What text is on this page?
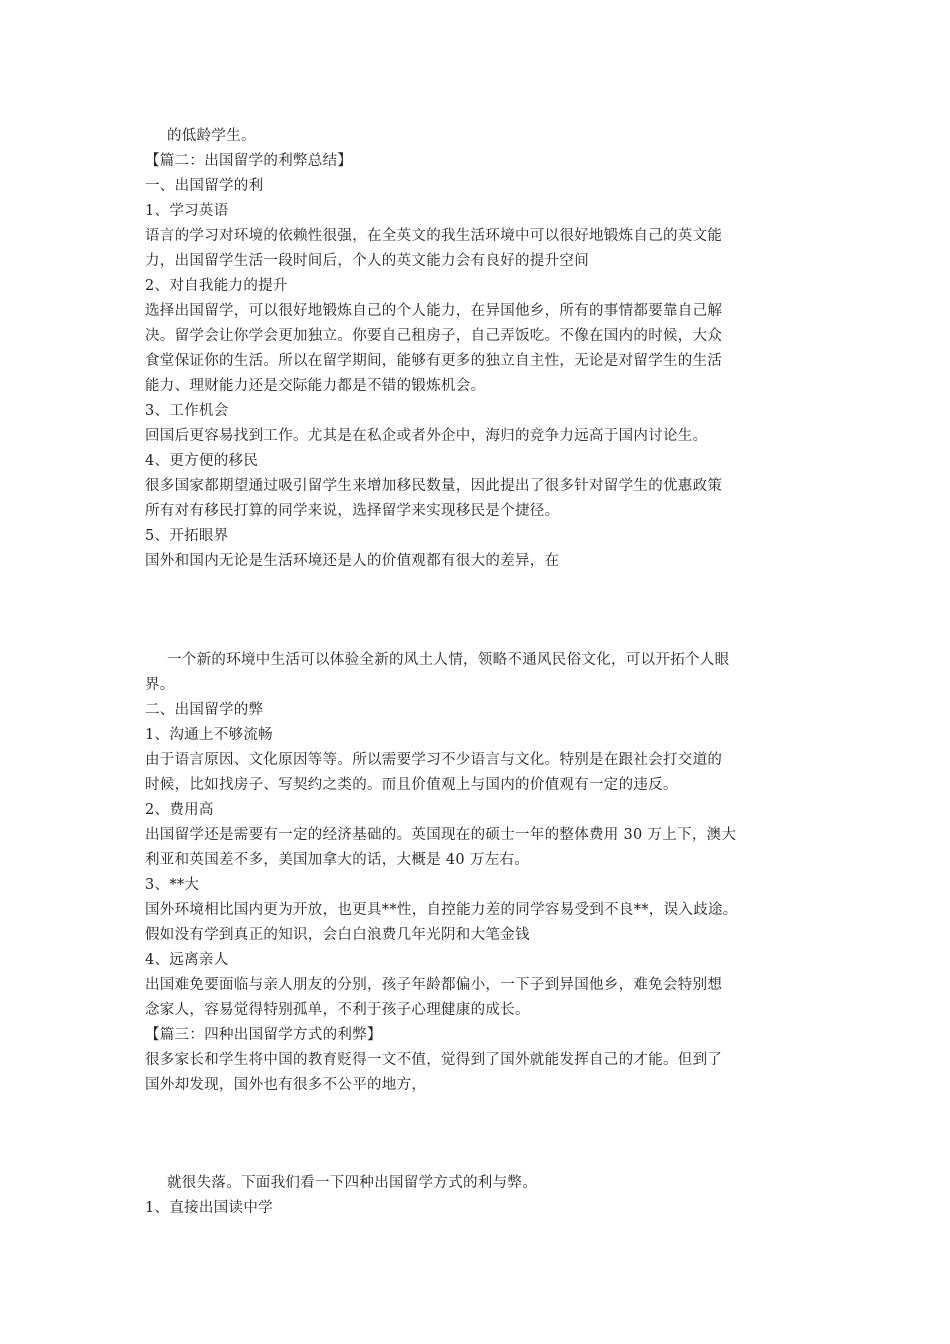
的低龄学生。
【篇二：出国留学的利弊总结】
一、出国留学的利
1、学习英语
语言的学习对环境的依赖性很强，在全英文的我生活环境中可以很好地锻炼自己的英文能
力，出国留学生活一段时间后，个人的英文能力会有良好的提升空间
2、对自我能力的提升
选择出国留学，可以很好地锻炼自己的个人能力，在异国他乡，所有的事情都要靠自己解
决。留学会让你学会更加独立。你要自己租房子，自己弄饭吃。不像在国内的时候，大众
食堂保证你的生活。所以在留学期间，能够有更多的独立自主性，无论是对留学生的生活
能力、理财能力还是交际能力都是不错的锻炼机会。
3、工作机会
回国后更容易找到工作。尤其是在私企或者外企中，海归的竞争力远高于国内讨论生。
4、更方便的移民
很多国家都期望通过吸引留学生来增加移民数量，因此提出了很多针对留学生的优惠政策
所有对有移民打算的同学来说，选择留学来实现移民是个捷径。
5、开拓眼界
国外和国内无论是生活环境还是人的价值观都有很大的差异，在
一个新的环境中生活可以体验全新的风土人情，领略不通风民俗文化，可以开拓个人眼
界。
二、出国留学的弊
1、沟通上不够流畅
由于语言原因、文化原因等等。所以需要学习不少语言与文化。特别是在跟社会打交道的
时候，比如找房子、写契约之类的。而且价值观上与国内的价值观有一定的违反。
2、费用高
出国留学还是需要有一定的经济基础的。英国现在的硕士一年的整体费用 30 万上下，澳大
利亚和英国差不多，美国加拿大的话，大概是 40 万左右。
3、**大
国外环境相比国内更为开放，也更具**性，自控能力差的同学容易受到不良**，误入歧途。
假如没有学到真正的知识，会白白浪费几年光阴和大笔金钱
4、远离亲人
出国难免要面临与亲人朋友的分别，孩子年龄都偏小，一下子到异国他乡，难免会特别想
念家人，容易觉得特别孤单，不利于孩子心理健康的成长。
【篇三：四种出国留学方式的利弊】
很多家长和学生将中国的教育贬得一文不值，觉得到了国外就能发挥自己的才能。但到了
国外却发现，国外也有很多不公平的地方，
就很失落。下面我们看一下四种出国留学方式的利与弊。
1、直接出国读中学
